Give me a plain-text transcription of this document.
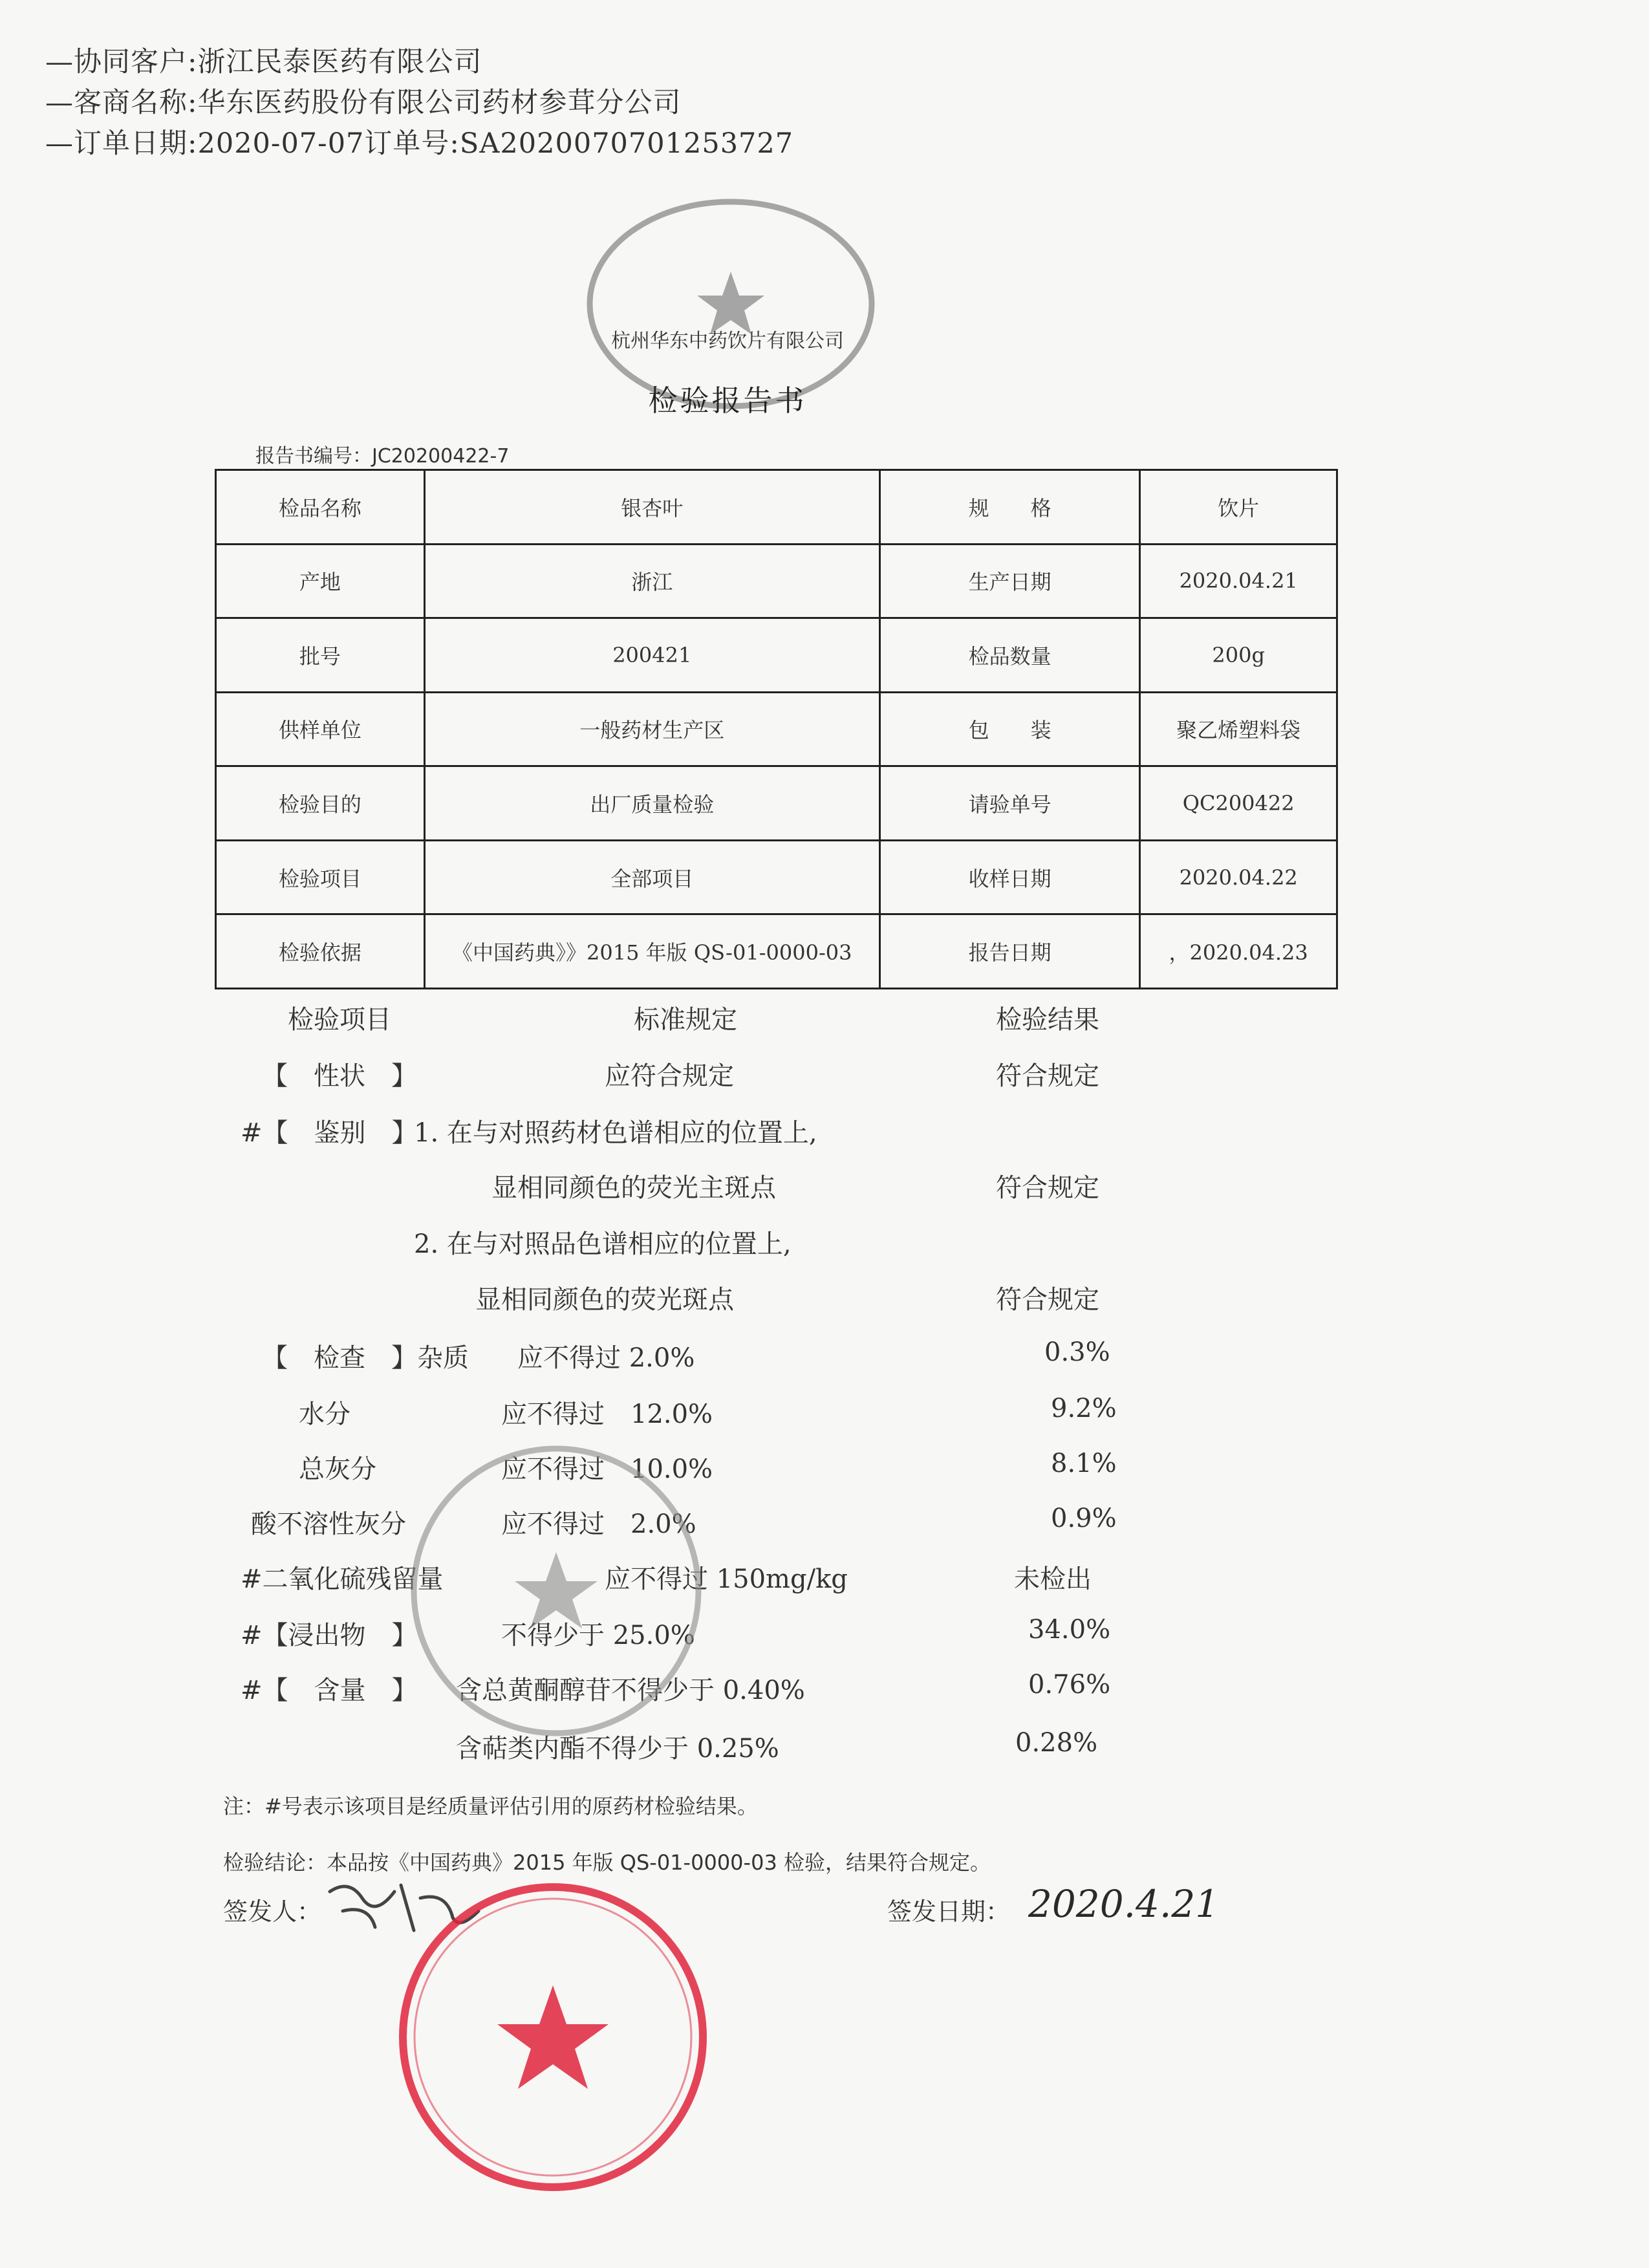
—协同客户:浙江民泰医药有限公司
—客商名称:华东医药股份有限公司药材参茸分公司
—订单日期:2020-07-07订单号:SA2020070701253727
杭州华东中药饮片有限公司
检验报告书
报告书编号：JC20200422-7
检品名称	银杏叶	规　　格	饮片
产地	浙江	生产日期	2020.04.21
批号	200421	检品数量	200g
供样单位	一般药材生产区	包　　装	聚乙烯塑料袋
检验目的	出厂质量检验	请验单号	QC200422
检验项目	全部项目	收样日期	2020.04.22
检验依据	《中国药典》》2015 年版 QS-01-0000-03	报告日期	，2020.04.23
检验项目	标准规定	检验结果
【　性状　】	应符合规定	符合规定
#【　鉴别　】
1. 在与对照药材色谱相应的位置上,
显相同颜色的荧光主斑点	符合规定
2. 在与对照品色谱相应的位置上,
显相同颜色的荧光斑点	符合规定
【　检查　】杂质 应不得过 2.0%	0.3%
水分	应不得过　12.0%	9.2%
总灰分	应不得过　10.0%	8.1%
酸不溶性灰分	应不得过　2.0%	0.9%
#二氧化硫残留量	应不得过 150mg/kg	未检出
#【浸出物　】	不得少于 25.0%	34.0%
#【　含量　】 含总黄酮醇苷不得少于 0.40%	0.76%
含萜类内酯不得少于 0.25%	0.28%
注：#号表示该项目是经质量评估引用的原药材检验结果。
检验结论：本品按《中国药典》2015 年版 QS-01-0000-03 检验，结果符合规定。
签发人：	签发日期： 2020.4.21
